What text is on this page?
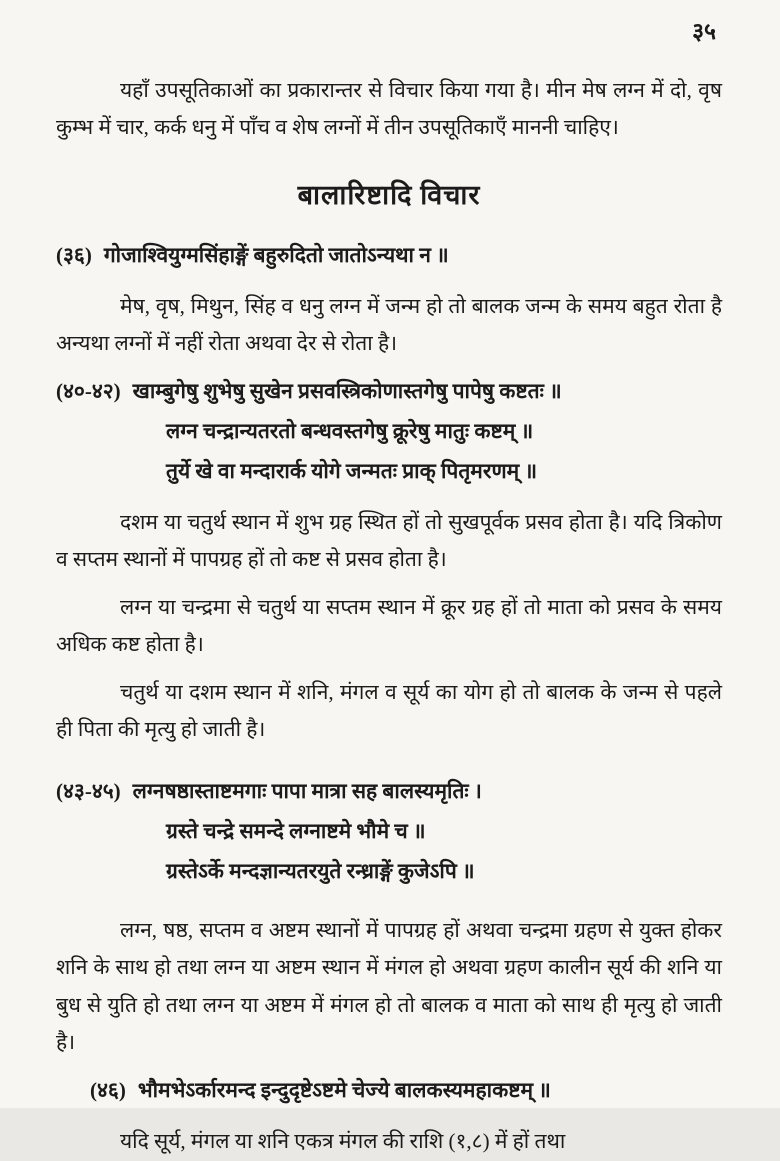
३५

यहाँ उपसूतिकाओं का प्रकारान्तर से विचार किया गया है। मीन मेष लग्न में दो, वृष कुम्भ में चार, कर्क धनु में पाँच व शेष लग्नों में तीन उपसूतिकाएँ माननी चाहिए।

बालारिष्टादि विचार
(३६) गोजाश्वियुग्मसिंहाङ्गें बहुरुदितो जातोऽन्यथा न ॥

मेष, वृष, मिथुन, सिंह व धनु लग्न में जन्म हो तो बालक जन्म के समय बहुत रोता है अन्यथा लग्नों में नहीं रोता अथवा देर से रोता है।

(४०-४२) खाम्बुगेषु शुभेषु सुखेन प्रसवस्त्रिकोणास्तगेषु पापेषु कष्टतः ॥
लग्न चन्द्रान्यतरतो बन्धवस्तगेषु क्रूरेषु मातुः कष्टम् ॥
तुर्ये खे वा मन्दारार्क योगे जन्मतः प्राक् पितृमरणम् ॥

दशम या चतुर्थ स्थान में शुभ ग्रह स्थित हों तो सुखपूर्वक प्रसव होता है। यदि त्रिकोण व सप्तम स्थानों में पापग्रह हों तो कष्ट से प्रसव होता है।

लग्न या चन्द्रमा से चतुर्थ या सप्तम स्थान में क्रूर ग्रह हों तो माता को प्रसव के समय अधिक कष्ट होता है।

चतुर्थ या दशम स्थान में शनि, मंगल व सूर्य का योग हो तो बालक के जन्म से पहले ही पिता की मृत्यु हो जाती है।

(४३-४५) लग्नषष्ठास्ताष्टमगाः पापा मात्रा सह बालस्यमृतिः ।
ग्रस्ते चन्द्रे समन्दे लग्नाष्टमे भौमे च ॥
ग्रस्तेऽर्के मन्दज्ञान्यतरयुते रन्ध्राङ्गें कुजेऽपि ॥

लग्न, षष्ठ, सप्तम व अष्टम स्थानों में पापग्रह हों अथवा चन्द्रमा ग्रहण से युक्त होकर शनि के साथ हो तथा लग्न या अष्टम स्थान में मंगल हो अथवा ग्रहण कालीन सूर्य की शनि या बुध से युति हो तथा लग्न या अष्टम में मंगल हो तो बालक व माता को साथ ही मृत्यु हो जाती है।

(४६) भौमभेऽर्कारमन्द इन्दुदृष्टेऽष्टमे चेज्ये बालकस्यमहाकष्टम् ॥

यदि सूर्य, मंगल या शनि एकत्र मंगल की राशि (१,८) में हों तथा
